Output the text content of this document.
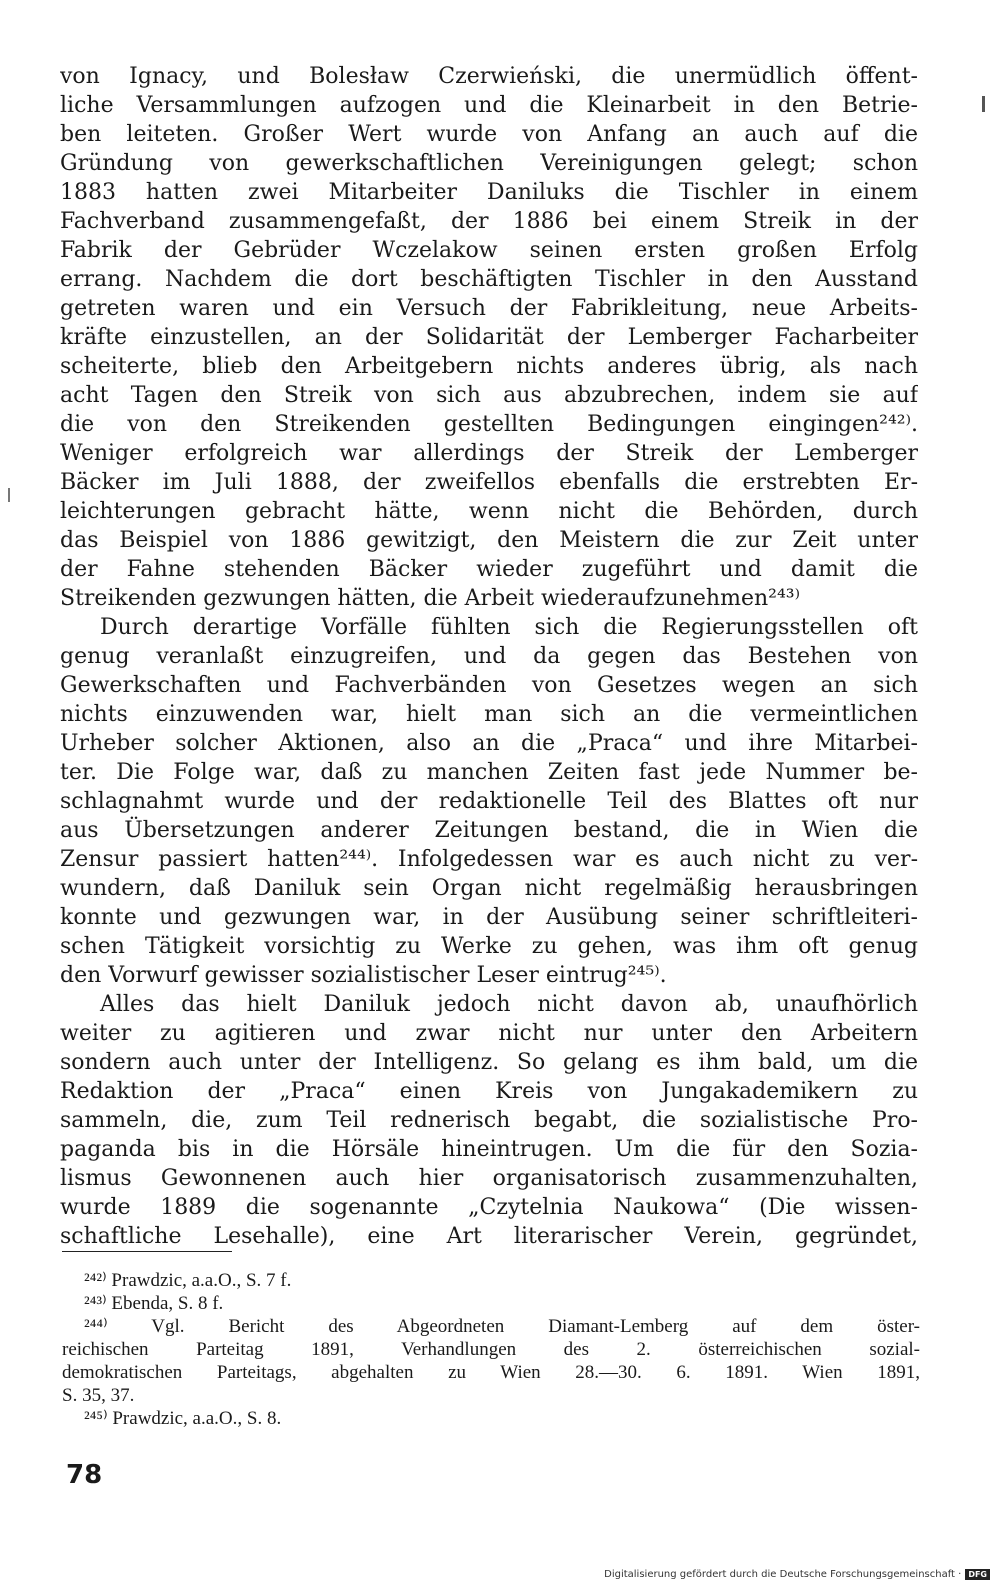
von Ignacy, und Bolesław Czerwieński, die unermüdlich öffent-
liche Versammlungen aufzogen und die Kleinarbeit in den Betrie-
ben leiteten. Großer Wert wurde von Anfang an auch auf die
Gründung von gewerkschaftlichen Vereinigungen gelegt; schon
1883 hatten zwei Mitarbeiter Daniluks die Tischler in einem
Fachverband zusammengefaßt, der 1886 bei einem Streik in der
Fabrik der Gebrüder Wczelakow seinen ersten großen Erfolg
errang. Nachdem die dort beschäftigten Tischler in den Ausstand
getreten waren und ein Versuch der Fabrikleitung, neue Arbeits-
kräfte einzustellen, an der Solidarität der Lemberger Facharbeiter
scheiterte, blieb den Arbeitgebern nichts anderes übrig, als nach
acht Tagen den Streik von sich aus abzubrechen, indem sie auf
die von den Streikenden gestellten Bedingungen eingingen²⁴²⁾.
Weniger erfolgreich war allerdings der Streik der Lemberger
Bäcker im Juli 1888, der zweifellos ebenfalls die erstrebten Er-
leichterungen gebracht hätte, wenn nicht die Behörden, durch
das Beispiel von 1886 gewitzigt, den Meistern die zur Zeit unter
der Fahne stehenden Bäcker wieder zugeführt und damit die
Streikenden gezwungen hätten, die Arbeit wiederaufzunehmen²⁴³⁾
Durch derartige Vorfälle fühlten sich die Regierungsstellen oft
genug veranlaßt einzugreifen, und da gegen das Bestehen von
Gewerkschaften und Fachverbänden von Gesetzes wegen an sich
nichts einzuwenden war, hielt man sich an die vermeintlichen
Urheber solcher Aktionen, also an die „Praca“ und ihre Mitarbei-
ter. Die Folge war, daß zu manchen Zeiten fast jede Nummer be-
schlagnahmt wurde und der redaktionelle Teil des Blattes oft nur
aus Übersetzungen anderer Zeitungen bestand, die in Wien die
Zensur passiert hatten²⁴⁴⁾. Infolgedessen war es auch nicht zu ver-
wundern, daß Daniluk sein Organ nicht regelmäßig herausbringen
konnte und gezwungen war, in der Ausübung seiner schriftleiteri-
schen Tätigkeit vorsichtig zu Werke zu gehen, was ihm oft genug
den Vorwurf gewisser sozialistischer Leser eintrug²⁴⁵⁾.
Alles das hielt Daniluk jedoch nicht davon ab, unaufhörlich
weiter zu agitieren und zwar nicht nur unter den Arbeitern
sondern auch unter der Intelligenz. So gelang es ihm bald, um die
Redaktion der „Praca“ einen Kreis von Jungakademikern zu
sammeln, die, zum Teil rednerisch begabt, die sozialistische Pro-
paganda bis in die Hörsäle hineintrugen. Um die für den Sozia-
lismus Gewonnenen auch hier organisatorisch zusammenzuhalten,
wurde 1889 die sogenannte „Czytelnia Naukowa“ (Die wissen-
schaftliche Lesehalle), eine Art literarischer Verein, gegründet,
²⁴²⁾ Prawdzic, a.a.O., S. 7 f.
²⁴³⁾ Ebenda, S. 8 f.
²⁴⁴⁾ Vgl. Bericht des Abgeordneten Diamant-Lemberg auf dem öster-
reichischen Parteitag 1891, Verhandlungen des 2. österreichischen sozial-
demokratischen Parteitags, abgehalten zu Wien 28.—30. 6. 1891. Wien 1891,
S. 35, 37.
²⁴⁵⁾ Prawdzic, a.a.O., S. 8.
78
Digitalisierung gefördert durch die Deutsche Forschungsgemeinschaft · DFG
